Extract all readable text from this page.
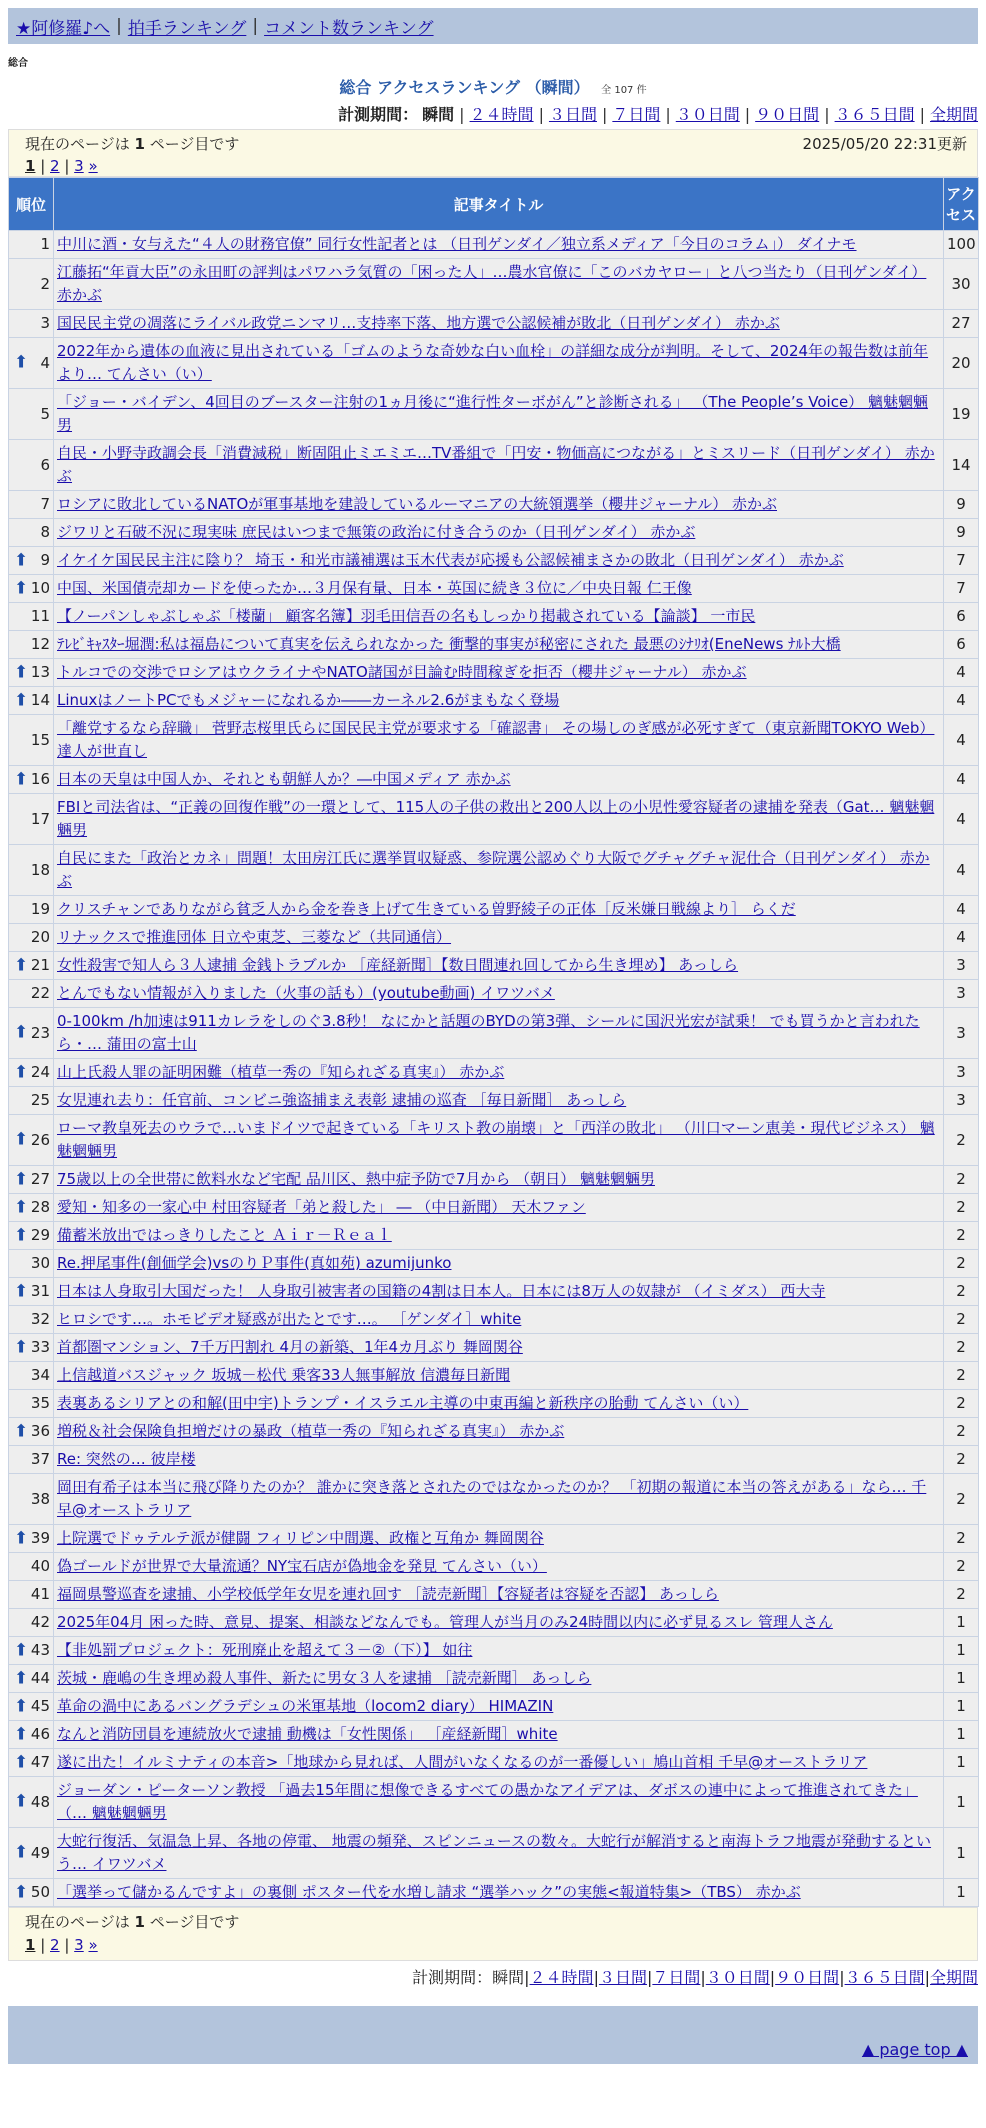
★阿修羅♪へ | 拍手ランキング | コメント数ランキング
総合
総合 アクセスランキング （瞬間） 全 107 件
計測期間： 瞬間 | ２４時間 | ３日間 | ７日間 | ３０日間 | ９０日間 | ３６５日間 | 全期間
現在のページは 1 ページ目です	2025/05/20 22:31更新
1 | 2 | 3 »
順位	記事タイトル	アクセス
1	中川に酒・女与えた“４人の財務官僚” 同行女性記者とは （日刊ゲンダイ／独立系メディア「今日のコラム」） ダイナモ	100
2	江藤拓“年貢大臣”の永田町の評判はパワハラ気質の「困った人」…農水官僚に「このバカヤロー」と八つ当たり（日刊ゲンダイ） 赤かぶ	30
3	国民民主党の凋落にライバル政党ニンマリ…支持率下落、地方選で公認候補が敗北（日刊ゲンダイ） 赤かぶ	27

⬆ 4	2022年から遺体の血液に見出されている「ゴムのような奇妙な白い血栓」の詳細な成分が判明。そして、2024年の報告数は前年より… てんさい（い）	20
5	「ジョー・バイデン、4回目のブースター注射の1ヵ月後に“進行性ターボがん”と診断される」 （The People’s Voice） 魑魅魍魎男	19
6	自民・小野寺政調会長「消費減税」断固阻止ミエミエ…TV番組で「円安・物価高につながる」とミスリード（日刊ゲンダイ） 赤かぶ	14
7	ロシアに敗北しているNATOが軍事基地を建設しているルーマニアの大統領選挙（櫻井ジャーナル） 赤かぶ	9
8	ジワリと石破不況に現実味 庶民はいつまで無策の政治に付き合うのか（日刊ゲンダイ） 赤かぶ	9

⬆ 9	イケイケ国民民主注に陰り？ 埼玉・和光市議補選は玉木代表が応援も公認候補まさかの敗北（日刊ゲンダイ） 赤かぶ	7

⬆ 10	中国、米国債売却カードを使ったか…３月保有量、日本・英国に続き３位に／中央日報 仁王像	7
11	【ノーパンしゃぶしゃぶ「楼蘭」 顧客名簿】羽毛田信吾の名もしっかり掲載されている【論談】 一市民	6
12	ﾃﾚﾋﾞｷｬｽﾀｰ堀潤:私は福島について真実を伝えられなかった 衝撃的事実が秘密にされた 最悪のｼﾅﾘｵ(EneNews ﾅﾙﾄ大橋	6

⬆ 13	トルコでの交渉でロシアはウクライナやNATO諸国が目論む時間稼ぎを拒否（櫻井ジャーナル） 赤かぶ	4

⬆ 14	LinuxはノートPCでもメジャーになれるか――カーネル2.6がまもなく登場	4
15	「離党するなら辞職」 菅野志桜里氏らに国民民主党が要求する「確認書」 その場しのぎ感が必死すぎて（東京新聞TOKYO Web） 達人が世直し	4

⬆ 16	日本の天皇は中国人か、それとも朝鮮人か？―中国メディア 赤かぶ	4
17	FBIと司法省は、“正義の回復作戦”の一環として、115人の子供の救出と200人以上の小児性愛容疑者の逮捕を発表（Gat… 魑魅魍魎男	4
18	自民にまた「政治とカネ」問題！太田房江氏に選挙買収疑惑、参院選公認めぐり大阪でグチャグチャ泥仕合（日刊ゲンダイ） 赤かぶ	4
19	クリスチャンでありながら貧乏人から金を巻き上げて生きている曽野綾子の正体［反米嫌日戦線より］ らくだ	4
20	リナックスで推進団体 日立や東芝、三菱など（共同通信）	4

⬆ 21	女性殺害で知人ら３人逮捕 金銭トラブルか ［産経新聞］【数日間連れ回してから生き埋め】 あっしら	3
22	とんでもない情報が入りました（火事の話も）(youtube動画) イワツバメ	3

⬆ 23	0-100km /h加速は911カレラをしのぐ3.8秒！ なにかと話題のBYDの第3弾、シールに国沢光宏が試乗！ でも買うかと言われたら・… 蒲田の富士山	3

⬆ 24	山上氏殺人罪の証明困難（植草一秀の『知られざる真実』） 赤かぶ	3
25	女児連れ去り：任官前、コンビニ強盗捕まえ表彰 逮捕の巡査 ［毎日新聞］ あっしら	3

⬆ 26	ローマ教皇死去のウラで…いまドイツで起きている「キリスト教の崩壊」と「西洋の敗北」 （川口マーン恵美・現代ビジネス） 魑魅魍魎男	2

⬆ 27	75歳以上の全世帯に飲料水など宅配 品川区、熱中症予防で7月から （朝日） 魑魅魍魎男	2

⬆ 28	愛知・知多の一家心中 村田容疑者「弟と殺した」 ― （中日新聞） 天木ファン	2

⬆ 29	備蓄米放出ではっきりしたこと Ａｉｒ－Ｒｅａｌ	2
30	Re.押尾事件(創価学会)vsのりＰ事件(真如苑) azumijunko	2

⬆ 31	日本は人身取引大国だった！ 人身取引被害者の国籍の4割は日本人。日本には8万人の奴隷が （イミダス） 西大寺	2
32	ヒロシです…。ホモビデオ疑惑が出たとです…。 ［ゲンダイ］white	2

⬆ 33	首都圏マンション、7千万円割れ 4月の新築、1年4カ月ぶり 舞岡関谷	2
34	上信越道バスジャック 坂城－松代 乗客33人無事解放 信濃毎日新聞	2
35	表裏あるシリアとの和解(田中宇)トランプ・イスラエル主導の中東再編と新秩序の胎動 てんさい（い）	2

⬆ 36	増税＆社会保険負担増だけの暴政（植草一秀の『知られざる真実』） 赤かぶ	2
37	Re: 突然の… 彼岸楼	2
38	岡田有希子は本当に飛び降りたのか？ 誰かに突き落とされたのではなかったのか？ 「初期の報道に本当の答えがある」なら… 千早@オーストラリア	2

⬆ 39	上院選でドゥテルテ派が健闘 フィリピン中間選、政権と互角か 舞岡関谷	2
40	偽ゴールドが世界で大量流通？NY宝石店が偽地金を発見 てんさい（い）	2
41	福岡県警巡査を逮捕、小学校低学年女児を連れ回す ［読売新聞］【容疑者は容疑を否認】 あっしら	2
42	2025年04月 困った時、意見、提案、相談などなんでも。管理人が当月のみ24時間以内に必ず見るスレ 管理人さん	1

⬆ 43	【非処罰プロジェクト：死刑廃止を超えて３－②（下）】 如往	1

⬆ 44	茨城・鹿嶋の生き埋め殺人事件、新たに男女３人を逮捕 ［読売新聞］ あっしら	1

⬆ 45	革命の渦中にあるバングラデシュの米軍基地（locom2 diary） HIMAZIN	1

⬆ 46	なんと消防団員を連続放火で逮捕 動機は「女性関係」 ［産経新聞］white	1

⬆ 47	遂に出た！イルミナティの本音>「地球から見れば、人間がいなくなるのが一番優しい」鳩山首相 千早@オーストラリア	1

⬆ 48	ジョーダン・ピーターソン教授 「過去15年間に想像できるすべての愚かなアイデアは、ダボスの連中によって推進されてきた」 （… 魑魅魍魎男	1

⬆ 49	大蛇行復活、気温急上昇、各地の停電、 地震の頻発、スピンニュースの数々。大蛇行が解消すると南海トラフ地震が発動するという… イワツバメ	1

⬆ 50	「選挙って儲かるんですよ」の裏側 ポスター代を水増し請求 “選挙ハック”の実態<報道特集>（TBS） 赤かぶ	1
現在のページは 1 ページ目です
1 | 2 | 3 »
計測期間：瞬間|２４時間|３日間|７日間|３０日間|９０日間|３６５日間|全期間
▲ page top ▲
